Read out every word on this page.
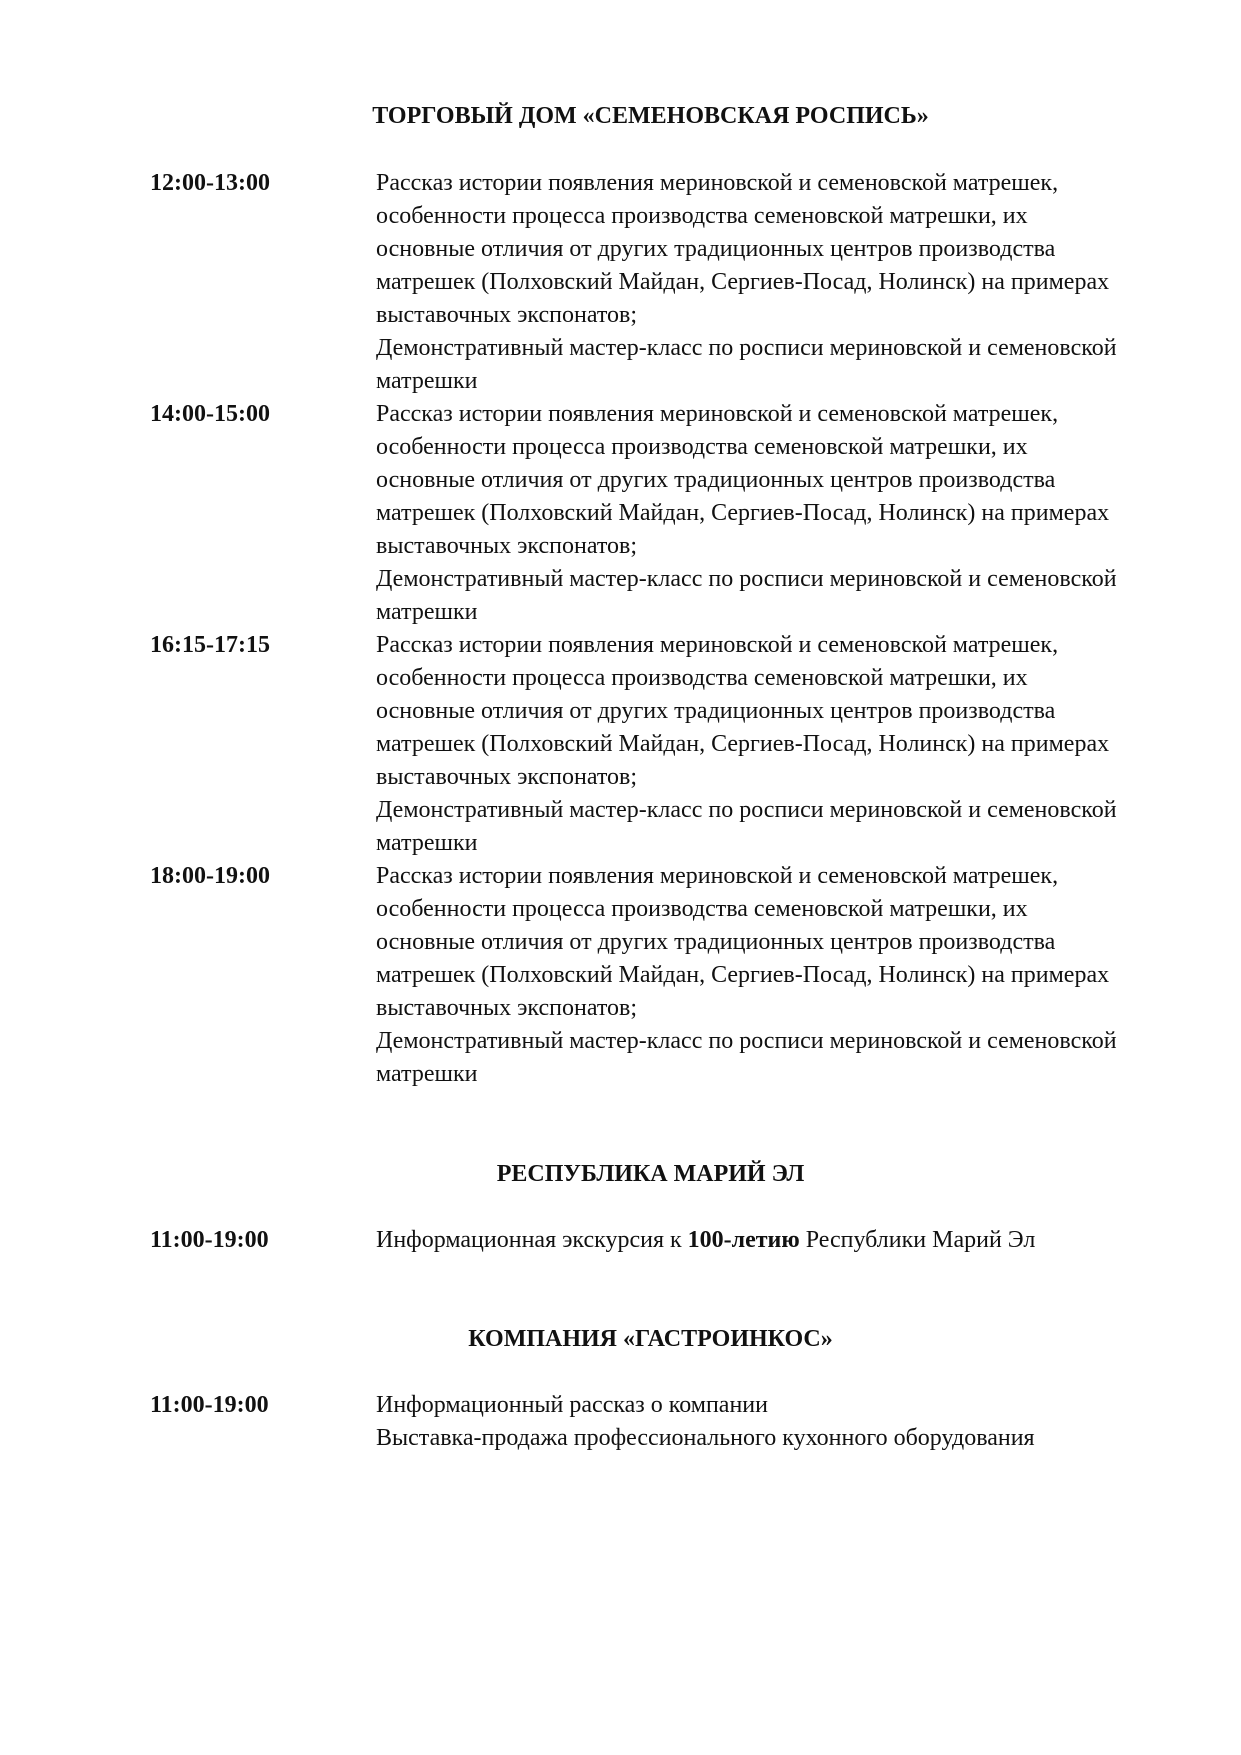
ТОРГОВЫЙ ДОМ «СЕМЕНОВСКАЯ РОСПИСЬ»
12:00-13:00	Рассказ истории появления мериновской и семеновской матрешек,
особенности процесса производства семеновской матрешки, их
основные отличия от других традиционных центров производства
матрешек (Полховский Майдан, Сергиев-Посад, Нолинск) на примерах
выставочных экспонатов;
Демонстративный мастер-класс по росписи мериновской и семеновской
матрешки
14:00-15:00	Рассказ истории появления мериновской и семеновской матрешек,
особенности процесса производства семеновской матрешки, их
основные отличия от других традиционных центров производства
матрешек (Полховский Майдан, Сергиев-Посад, Нолинск) на примерах
выставочных экспонатов;
Демонстративный мастер-класс по росписи мериновской и семеновской
матрешки
16:15-17:15	Рассказ истории появления мериновской и семеновской матрешек,
особенности процесса производства семеновской матрешки, их
основные отличия от других традиционных центров производства
матрешек (Полховский Майдан, Сергиев-Посад, Нолинск) на примерах
выставочных экспонатов;
Демонстративный мастер-класс по росписи мериновской и семеновской
матрешки
18:00-19:00	Рассказ истории появления мериновской и семеновской матрешек,
особенности процесса производства семеновской матрешки, их
основные отличия от других традиционных центров производства
матрешек (Полховский Майдан, Сергиев-Посад, Нолинск) на примерах
выставочных экспонатов;
Демонстративный мастер-класс по росписи мериновской и семеновской
матрешки
РЕСПУБЛИКА МАРИЙ ЭЛ
11:00-19:00	Информационная экскурсия к 100-летию Республики Марий Эл
КОМПАНИЯ «ГАСТРОИНКОС»
11:00-19:00	Информационный рассказ о компании
Выставка-продажа профессионального кухонного оборудования
